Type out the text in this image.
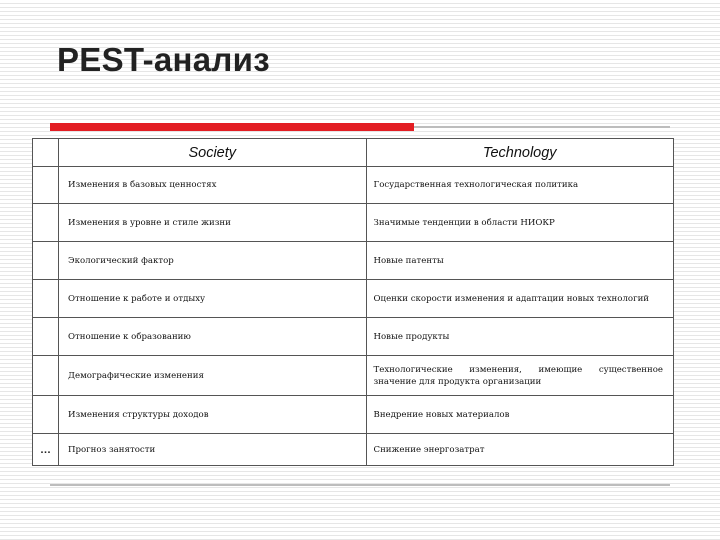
PEST-анализ

	Society	Technology

	Изменения в базовых ценностях	Государственная технологическая политика

	Изменения в уровне и стиле жизни	Значимые тенденции в области НИОКР

	Экологический фактор	Новые патенты

	Отношение к работе и отдыху	Оценки скорости изменения и адаптации новых технологий

	Отношение к образованию	Новые продукты

	Демографические изменения	Технологические изменения, имеющие существенное значение для продукта организации

	Изменения структуры доходов	Внедрение новых материалов

…	Прогноз занятости	Снижение энергозатрат
